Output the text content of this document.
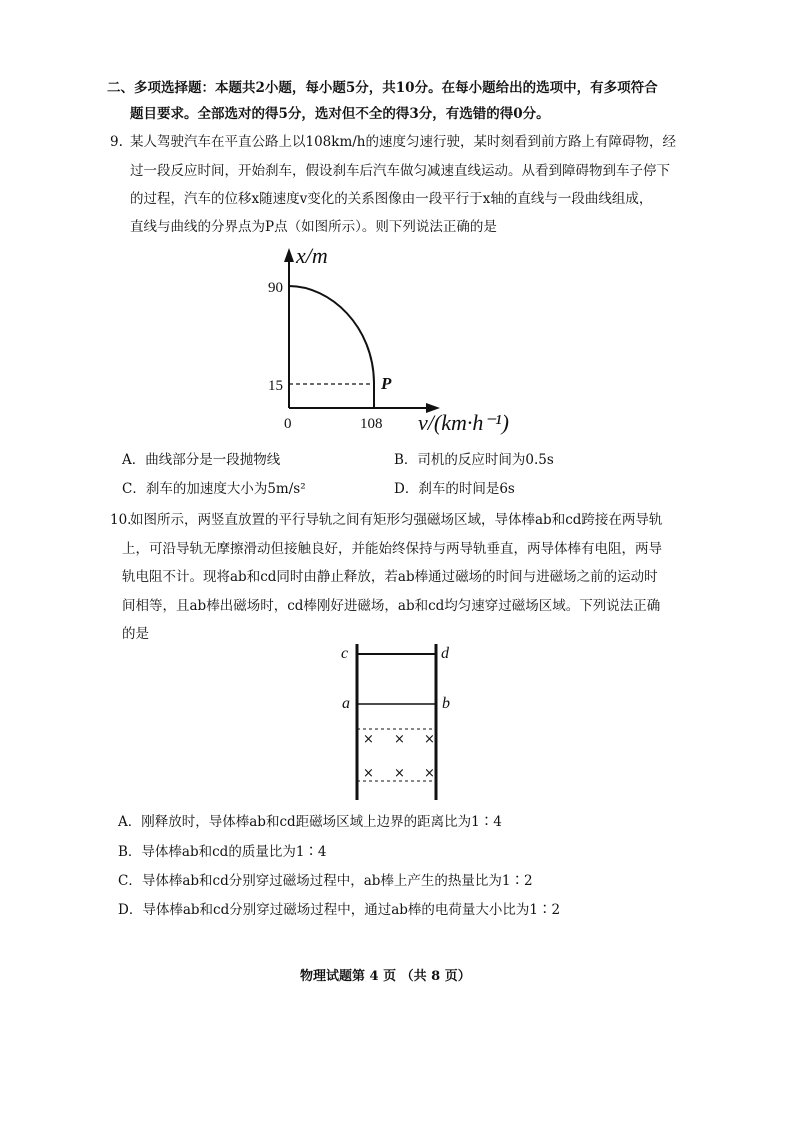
二、多项选择题：本题共2小题，每小题5分，共10分。在每小题给出的选项中，有多项符合
题目要求。全部选对的得5分，选对但不全的得3分，有选错的得0分。
9. 某人驾驶汽车在平直公路上以108km/h的速度匀速行驶，某时刻看到前方路上有障碍物，经
过一段反应时间，开始刹车，假设刹车后汽车做匀减速直线运动。从看到障碍物到车子停下
的过程，汽车的位移x随速度v变化的关系图像由一段平行于x轴的直线与一段曲线组成，
直线与曲线的分界点为P点（如图所示）。则下列说法正确的是
x/m
90
15
0	108
P
v/(km·h⁻¹)
A．曲线部分是一段抛物线	B．司机的反应时间为0.5s
C．刹车的加速度大小为5m/s²	D．刹车的时间是6s
10.
如图所示，两竖直放置的平行导轨之间有矩形匀强磁场区域，导体棒ab和cd跨接在两导轨
上，可沿导轨无摩擦滑动但接触良好，并能始终保持与两导轨垂直，两导体棒有电阻，两导
轨电阻不计。现将ab和cd同时由静止释放，若ab棒通过磁场的时间与进磁场之前的运动时
间相等，且ab棒出磁场时，cd棒刚好进磁场，ab和cd均匀速穿过磁场区域。下列说法正确
的是
× × ×
× × ×
c	d
a	b
A．刚释放时，导体棒ab和cd距磁场区域上边界的距离比为1∶4
B．导体棒ab和cd的质量比为1∶4
C．导体棒ab和cd分别穿过磁场过程中，ab棒上产生的热量比为1∶2
D．导体棒ab和cd分别穿过磁场过程中，通过ab棒的电荷量大小比为1∶2
物理试题第 4 页 （共 8 页）
